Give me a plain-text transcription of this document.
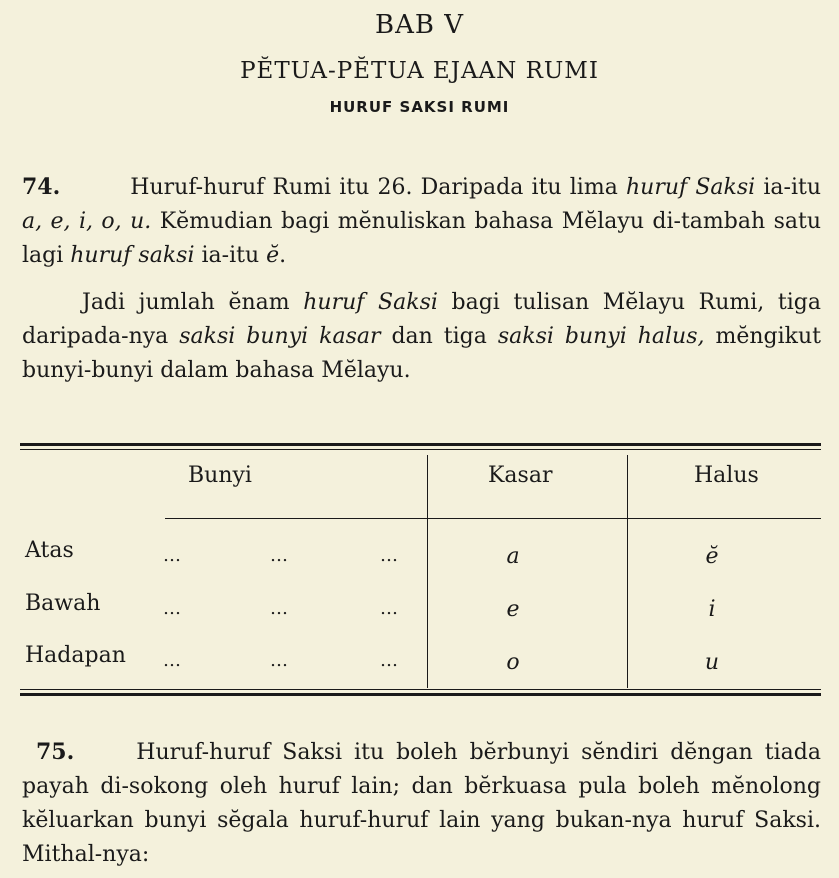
BAB V
PĔTUA-PĔTUA EJAAN RUMI
HURUF SAKSI RUMI
74.	Huruf-huruf Rumi itu 26. Daripada itu lima huruf Saksi ia-itu a, e, i, o, u. Kĕmudian bagi mĕnuliskan bahasa Mĕlayu di-tambah satu lagi huruf saksi ia-itu ĕ.
Jadi jumlah ĕnam huruf Saksi bagi tulisan Mĕlayu Rumi, tiga daripada-nya saksi bunyi kasar dan tiga saksi bunyi halus, mĕngikut bunyi-bunyi dalam bahasa Mĕlayu.
Bunyi	Kasar	Halus
Atas	…	…	…	a	ĕ
Bawah	…	…	…	e	i
Hadapan …	…	…	o	u
75.	Huruf-huruf Saksi itu boleh bĕrbunyi sĕndiri dĕngan tiada payah di-sokong oleh huruf lain; dan bĕrkuasa pula boleh mĕnolong kĕluarkan bunyi sĕgala huruf-huruf lain yang bukan-nya huruf Saksi. Mithal-nya:
